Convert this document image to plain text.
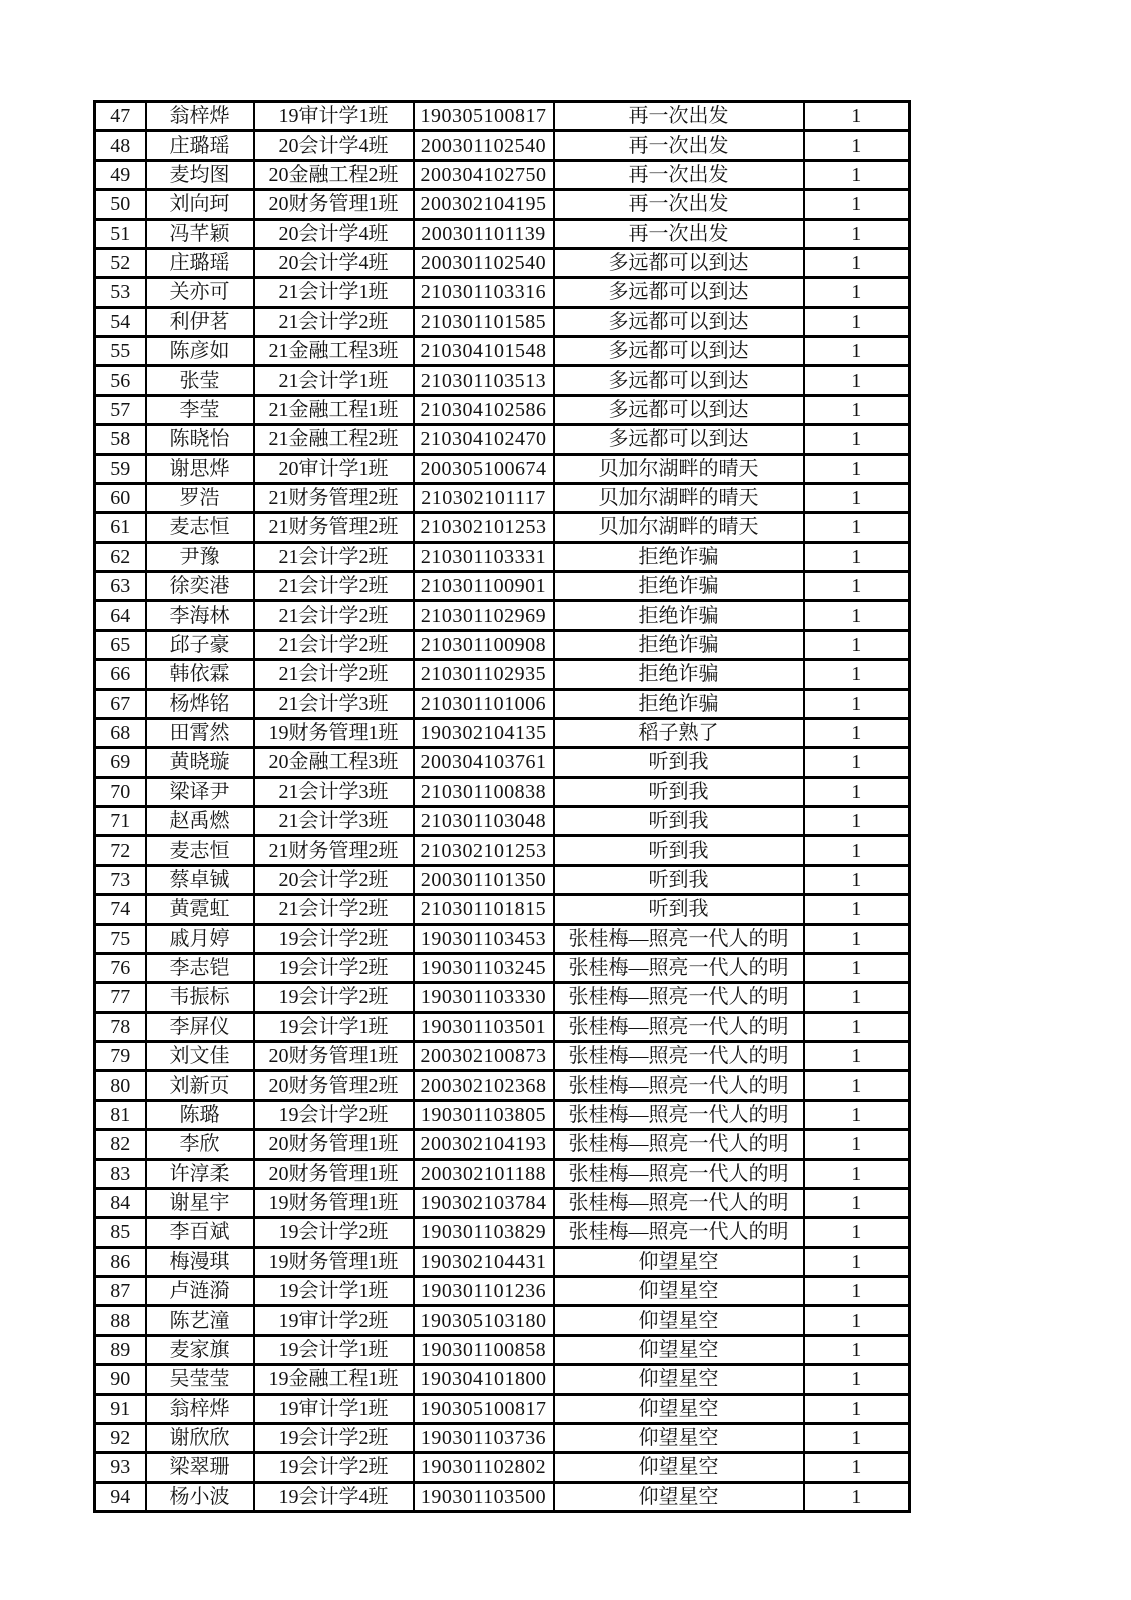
47	翁梓烨	19审计学1班	190305100817	再一次出发	1
48	庄璐瑶	20会计学4班	200301102540	再一次出发	1
49	麦均图	20金融工程2班	200304102750	再一次出发	1
50	刘向珂	20财务管理1班	200302104195	再一次出发	1
51	冯芊颖	20会计学4班	200301101139	再一次出发	1
52	庄璐瑶	20会计学4班	200301102540	多远都可以到达	1
53	关亦可	21会计学1班	210301103316	多远都可以到达	1
54	利伊茗	21会计学2班	210301101585	多远都可以到达	1
55	陈彦如	21金融工程3班	210304101548	多远都可以到达	1
56	张莹	21会计学1班	210301103513	多远都可以到达	1
57	李莹	21金融工程1班	210304102586	多远都可以到达	1
58	陈晓怡	21金融工程2班	210304102470	多远都可以到达	1
59	谢思烨	20审计学1班	200305100674	贝加尔湖畔的晴天	1
60	罗浩	21财务管理2班	210302101117	贝加尔湖畔的晴天	1
61	麦志恒	21财务管理2班	210302101253	贝加尔湖畔的晴天	1
62	尹豫	21会计学2班	210301103331	拒绝诈骗	1
63	徐奕港	21会计学2班	210301100901	拒绝诈骗	1
64	李海林	21会计学2班	210301102969	拒绝诈骗	1
65	邱子豪	21会计学2班	210301100908	拒绝诈骗	1
66	韩依霖	21会计学2班	210301102935	拒绝诈骗	1
67	杨烨铭	21会计学3班	210301101006	拒绝诈骗	1
68	田霄然	19财务管理1班	190302104135	稻子熟了	1
69	黄晓璇	20金融工程3班	200304103761	听到我	1
70	梁译尹	21会计学3班	210301100838	听到我	1
71	赵禹燃	21会计学3班	210301103048	听到我	1
72	麦志恒	21财务管理2班	210302101253	听到我	1
73	蔡卓铖	20会计学2班	200301101350	听到我	1
74	黄霓虹	21会计学2班	210301101815	听到我	1
75	戚月婷	19会计学2班	190301103453	张桂梅—照亮一代人的明	1
76	李志铠	19会计学2班	190301103245	张桂梅—照亮一代人的明	1
77	韦振标	19会计学2班	190301103330	张桂梅—照亮一代人的明	1
78	李屏仪	19会计学1班	190301103501	张桂梅—照亮一代人的明	1
79	刘文佳	20财务管理1班	200302100873	张桂梅—照亮一代人的明	1
80	刘新页	20财务管理2班	200302102368	张桂梅—照亮一代人的明	1
81	陈璐	19会计学2班	190301103805	张桂梅—照亮一代人的明	1
82	李欣	20财务管理1班	200302104193	张桂梅—照亮一代人的明	1
83	许淳柔	20财务管理1班	200302101188	张桂梅—照亮一代人的明	1
84	谢星宇	19财务管理1班	190302103784	张桂梅—照亮一代人的明	1
85	李百斌	19会计学2班	190301103829	张桂梅—照亮一代人的明	1
86	梅漫琪	19财务管理1班	190302104431	仰望星空	1
87	卢涟漪	19会计学1班	190301101236	仰望星空	1
88	陈艺潼	19审计学2班	190305103180	仰望星空	1
89	麦家旗	19会计学1班	190301100858	仰望星空	1
90	吴莹莹	19金融工程1班	190304101800	仰望星空	1
91	翁梓烨	19审计学1班	190305100817	仰望星空	1
92	谢欣欣	19会计学2班	190301103736	仰望星空	1
93	梁翠珊	19会计学2班	190301102802	仰望星空	1
94	杨小波	19会计学4班	190301103500	仰望星空	1
